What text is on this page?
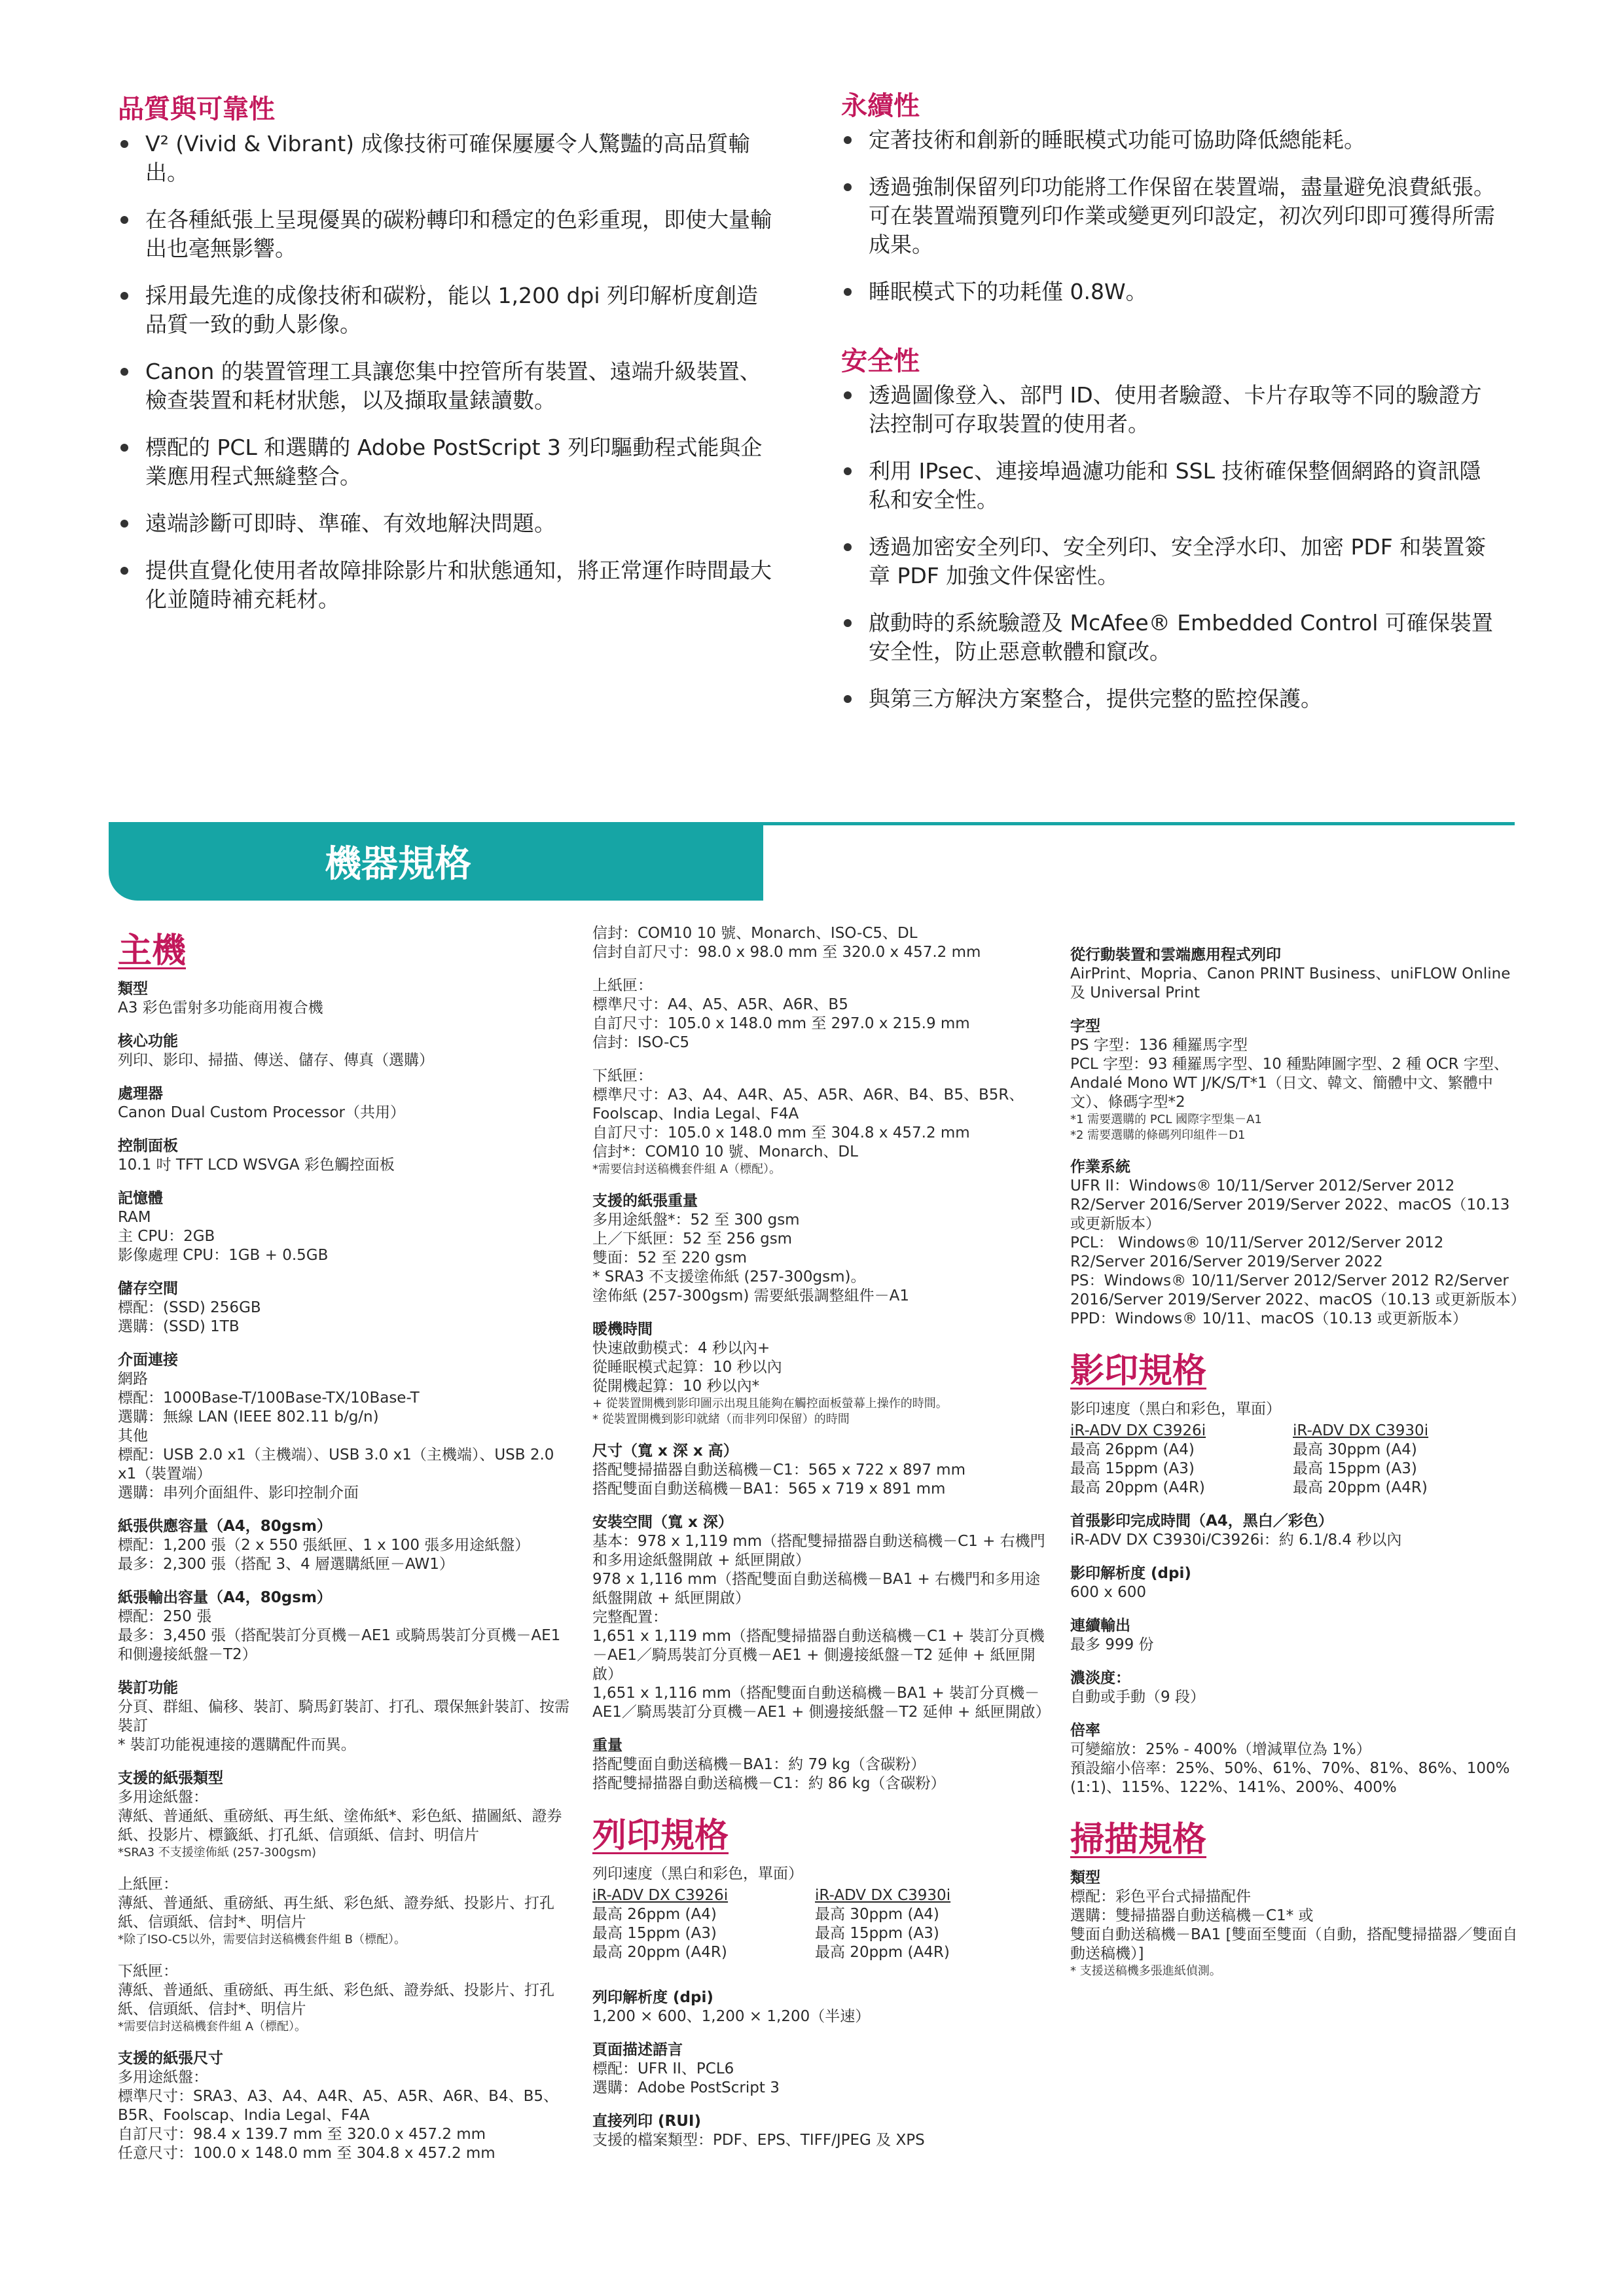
品質與可靠性
V² (Vivid & Vibrant) 成像技術可確保屢屢令人驚豔的高品質輸出。
在各種紙張上呈現優異的碳粉轉印和穩定的色彩重現，即使大量輸出也毫無影響。
採用最先進的成像技術和碳粉，能以 1,200 dpi 列印解析度創造品質一致的動人影像。
Canon 的裝置管理工具讓您集中控管所有裝置、遠端升級裝置、檢查裝置和耗材狀態，以及擷取量錶讀數。
標配的 PCL 和選購的 Adobe PostScript 3 列印驅動程式能與企業應用程式無縫整合。
遠端診斷可即時、準確、有效地解決問題。
提供直覺化使用者故障排除影片和狀態通知，將正常運作時間最大化並隨時補充耗材。
永續性
定著技術和創新的睡眠模式功能可協助降低總能耗。
透過強制保留列印功能將工作保留在裝置端，盡量避免浪費紙張。可在裝置端預覽列印作業或變更列印設定，初次列印即可獲得所需成果。
睡眠模式下的功耗僅 0.8W。
安全性
透過圖像登入、部門 ID、使用者驗證、卡片存取等不同的驗證方法控制可存取裝置的使用者。
利用 IPsec、連接埠過濾功能和 SSL 技術確保整個網路的資訊隱私和安全性。
透過加密安全列印、安全列印、安全浮水印、加密 PDF 和裝置簽章 PDF 加強文件保密性。
啟動時的系統驗證及 McAfee® Embedded Control 可確保裝置安全性，防止惡意軟體和竄改。
與第三方解決方案整合，提供完整的監控保護。
機器規格
主機
類型
A3 彩色雷射多功能商用複合機
核心功能
列印、影印、掃描、傳送、儲存、傳真（選購）
處理器
Canon Dual Custom Processor（共用）
控制面板
10.1 吋 TFT LCD WSVGA 彩色觸控面板
記憶體
RAM
主 CPU：2GB
影像處理 CPU：1GB + 0.5GB
儲存空間
標配：(SSD) 256GB
選購：(SSD) 1TB
介面連接
網路
標配：1000Base-T/100Base-TX/10Base-T
選購：無線 LAN (IEEE 802.11 b/g/n)
其他
標配：USB 2.0 x1（主機端）、USB 3.0 x1（主機端）、USB 2.0 x1（裝置端）
選購：串列介面組件、影印控制介面
紙張供應容量（A4，80gsm）
標配：1,200 張（2 x 550 張紙匣、1 x 100 張多用途紙盤）
最多：2,300 張（搭配 3、4 層選購紙匣－AW1）
紙張輸出容量（A4，80gsm）
標配：250 張
最多：3,450 張（搭配裝訂分頁機－AE1 或騎馬裝訂分頁機－AE1 和側邊接紙盤－T2）
裝訂功能
分頁、群組、偏移、裝訂、騎馬釘裝訂、打孔、環保無針裝訂、按需裝訂
* 裝訂功能視連接的選購配件而異。
支援的紙張類型
多用途紙盤：
薄紙、普通紙、重磅紙、再生紙、塗佈紙*、彩色紙、描圖紙、證券紙、投影片、標籤紙、打孔紙、信頭紙、信封、明信片
*SRA3 不支援塗佈紙 (257-300gsm)
上紙匣：
薄紙、普通紙、重磅紙、再生紙、彩色紙、證券紙、投影片、打孔紙、信頭紙、信封*、明信片
*除了ISO-C5以外，需要信封送稿機套件組 B（標配）。
下紙匣：
薄紙、普通紙、重磅紙、再生紙、彩色紙、證券紙、投影片、打孔紙、信頭紙、信封*、明信片
*需要信封送稿機套件組 A（標配）。
支援的紙張尺寸
多用途紙盤：
標準尺寸：SRA3、A3、A4、A4R、A5、A5R、A6R、B4、B5、B5R、Foolscap、India Legal、F4A
自訂尺寸：98.4 x 139.7 mm 至 320.0 x 457.2 mm
任意尺寸：100.0 x 148.0 mm 至 304.8 x 457.2 mm
信封：COM10 10 號、Monarch、ISO-C5、DL
信封自訂尺寸：98.0 x 98.0 mm 至 320.0 x 457.2 mm
上紙匣：
標準尺寸：A4、A5、A5R、A6R、B5
自訂尺寸：105.0 x 148.0 mm 至 297.0 x 215.9 mm
信封：ISO-C5
下紙匣：
標準尺寸：A3、A4、A4R、A5、A5R、A6R、B4、B5、B5R、Foolscap、India Legal、F4A
自訂尺寸：105.0 x 148.0 mm 至 304.8 x 457.2 mm
信封*：COM10 10 號、Monarch、DL
*需要信封送稿機套件組 A（標配）。
支援的紙張重量
多用途紙盤*：52 至 300 gsm
上／下紙匣：52 至 256 gsm
雙面：52 至 220 gsm
* SRA3 不支援塗佈紙 (257-300gsm)。
塗佈紙 (257-300gsm) 需要紙張調整組件－A1
暖機時間
快速啟動模式：4 秒以內+
從睡眠模式起算：10 秒以內
從開機起算：10 秒以內*
+ 從裝置開機到影印圖示出現且能夠在觸控面板螢幕上操作的時間。
* 從裝置開機到影印就緒（而非列印保留）的時間
尺寸（寬 x 深 x 高）
搭配雙掃描器自動送稿機－C1：565 x 722 x 897 mm
搭配雙面自動送稿機－BA1：565 x 719 x 891 mm
安裝空間（寬 x 深）
基本：978 x 1,119 mm（搭配雙掃描器自動送稿機－C1 + 右機門和多用途紙盤開啟 + 紙匣開啟）
978 x 1,116 mm（搭配雙面自動送稿機－BA1 + 右機門和多用途紙盤開啟 + 紙匣開啟）
完整配置：
1,651 x 1,119 mm（搭配雙掃描器自動送稿機－C1 + 裝訂分頁機－AE1／騎馬裝訂分頁機－AE1 + 側邊接紙盤－T2 延伸 + 紙匣開啟）
1,651 x 1,116 mm（搭配雙面自動送稿機－BA1 + 裝訂分頁機－AE1／騎馬裝訂分頁機－AE1 + 側邊接紙盤－T2 延伸 + 紙匣開啟）
重量
搭配雙面自動送稿機－BA1：約 79 kg（含碳粉）
搭配雙掃描器自動送稿機－C1：約 86 kg（含碳粉）
列印規格
列印速度（黑白和彩色，單面）
iR-ADV DX C3926i
最高 26ppm (A4)
最高 15ppm (A3)
最高 20ppm (A4R)
iR-ADV DX C3930i
最高 30ppm (A4)
最高 15ppm (A3)
最高 20ppm (A4R)
列印解析度 (dpi)
1,200 × 600、1,200 × 1,200（半速）
頁面描述語言
標配：UFR II、PCL6
選購：Adobe PostScript 3
直接列印 (RUI)
支援的檔案類型：PDF、EPS、TIFF/JPEG 及 XPS
從行動裝置和雲端應用程式列印
AirPrint、Mopria、Canon PRINT Business、uniFLOW Online 及 Universal Print
字型
PS 字型：136 種羅馬字型
PCL 字型：93 種羅馬字型、10 種點陣圖字型、2 種 OCR 字型、Andalé Mono WT J/K/S/T*1（日文、韓文、簡體中文、繁體中文）、條碼字型*2
*1 需要選購的 PCL 國際字型集－A1
*2 需要選購的條碼列印組件－D1
作業系統
UFR II：Windows® 10/11/Server 2012/Server 2012 R2/Server 2016/Server 2019/Server 2022、macOS（10.13 或更新版本）
PCL： Windows® 10/11/Server 2012/Server 2012 R2/Server 2016/Server 2019/Server 2022
PS：Windows® 10/11/Server 2012/Server 2012 R2/Server 2016/Server 2019/Server 2022、macOS（10.13 或更新版本）
PPD：Windows® 10/11、macOS（10.13 或更新版本）
影印規格
影印速度（黑白和彩色，單面）
iR-ADV DX C3926i
最高 26ppm (A4)
最高 15ppm (A3)
最高 20ppm (A4R)
iR-ADV DX C3930i
最高 30ppm (A4)
最高 15ppm (A3)
最高 20ppm (A4R)
首張影印完成時間（A4，黑白／彩色）
iR-ADV DX C3930i/C3926i：約 6.1/8.4 秒以內
影印解析度 (dpi)
600 x 600
連續輸出
最多 999 份
濃淡度：
自動或手動（9 段）
倍率
可變縮放：25% - 400%（增減單位為 1%）
預設縮小倍率：25%、50%、61%、70%、81%、86%、100% (1:1)、115%、122%、141%、200%、400%
掃描規格
類型
標配：彩色平台式掃描配件
選購：雙掃描器自動送稿機－C1* 或
雙面自動送稿機－BA1 [雙面至雙面（自動，搭配雙掃描器／雙面自動送稿機）]
* 支援送稿機多張進紙偵測。
